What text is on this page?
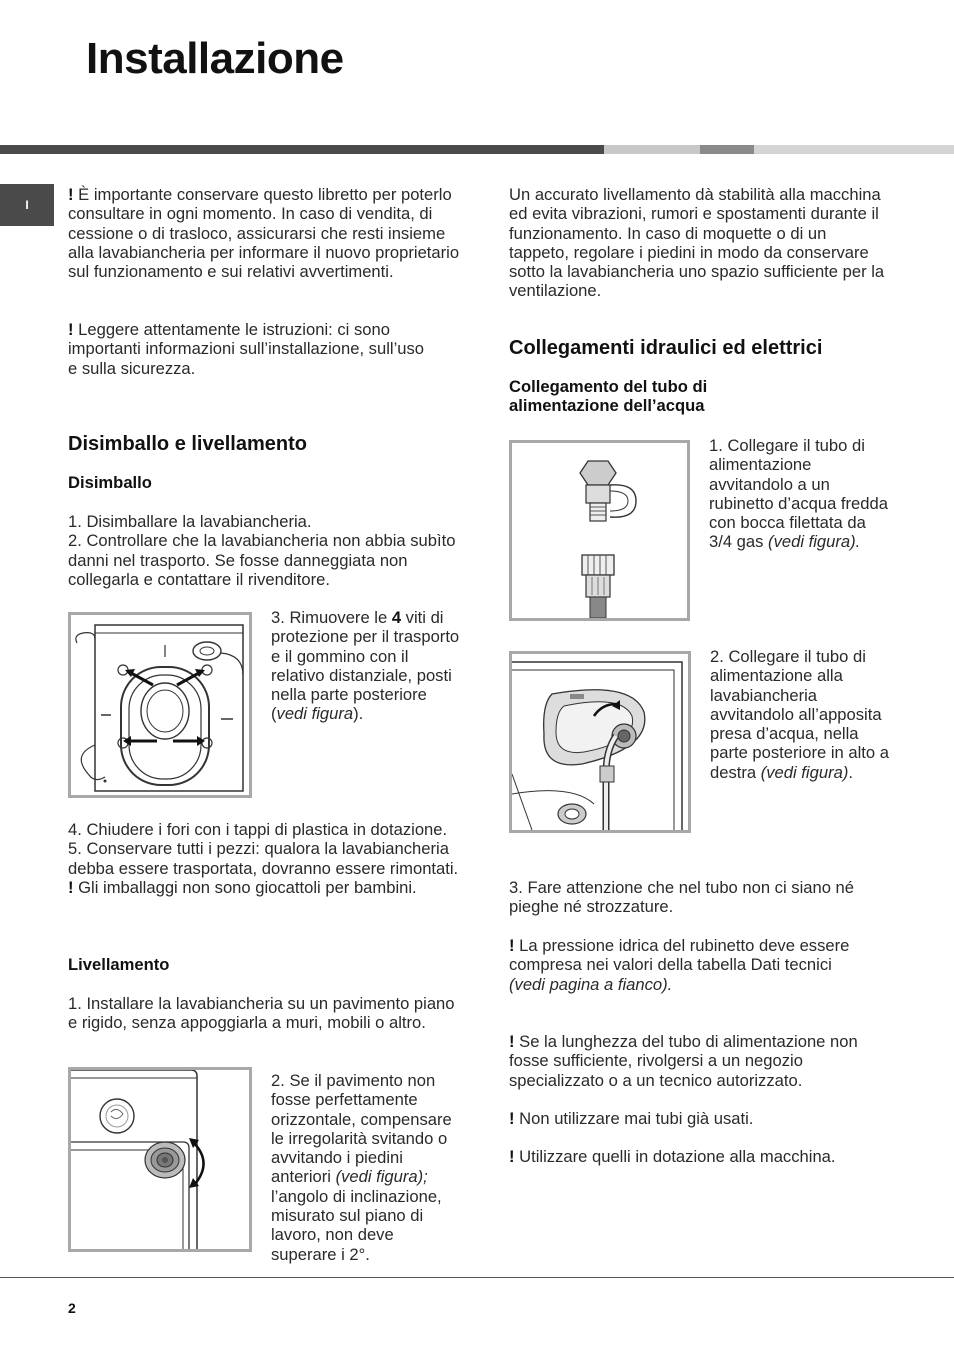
Installazione
I

! È importante conservare questo libretto per poterlo consultare in ogni momento. In caso di vendita, di cessione o di trasloco, assicurarsi che resti insieme alla lavabiancheria per informare il nuovo proprietario sul funzionamento e sui relativi avvertimenti.

! Leggere attentamente le istruzioni: ci sono importanti informazioni sull’installazione, sull’uso

e sulla sicurezza.

Disimballo e livellamento
Disimballo

1. Disimballare la lavabiancheria.

2. Controllare che la lavabiancheria non abbia subìto danni nel trasporto. Se fosse danneggiata non collegarla e contattare il rivenditore.

3. Rimuovere le 4 viti di protezione per il trasporto e il gommino con il relativo distanziale, posti nella parte posteriore (vedi figura).

4. Chiudere i fori con i tappi di plastica in dotazione.

5. Conservare tutti i pezzi: qualora la lavabiancheria debba essere trasportata, dovranno essere rimontati.

! Gli imballaggi non sono giocattoli per bambini.

Livellamento

1. Installare la lavabiancheria su un pavimento piano e rigido, senza appoggiarla a muri, mobili o altro.

2. Se il pavimento non fosse perfettamente orizzontale, compensare le irregolarità svitando o avvitando i piedini anteriori (vedi figura); l’angolo di inclinazione, misurato sul piano di lavoro, non deve superare i 2°.

Un accurato livellamento dà stabilità alla macchina ed evita vibrazioni, rumori e spostamenti durante il funzionamento. In caso di moquette o di un tappeto, regolare i piedini in modo da conservare sotto la lavabiancheria uno spazio sufficiente per la ventilazione.

Collegamenti idraulici ed elettrici
Collegamento del tubo di alimentazione dell’acqua

1. Collegare il tubo di alimentazione avvitandolo a un rubinetto d’acqua fredda con bocca filettata da 3/4 gas (vedi figura).

2. Collegare il tubo di alimentazione alla lavabiancheria avvitandolo all’apposita presa d’acqua, nella parte posteriore in alto a destra (vedi figura).

3. Fare attenzione che nel tubo non ci siano né pieghe né strozzature.

! La pressione idrica del rubinetto deve essere compresa nei valori della tabella Dati tecnici

(vedi pagina a fianco).

! Se la lunghezza del tubo di alimentazione non fosse sufficiente, rivolgersi a un negozio specializzato o a un tecnico autorizzato.

! Non utilizzare mai tubi già usati.

! Utilizzare quelli in dotazione alla macchina.

2
